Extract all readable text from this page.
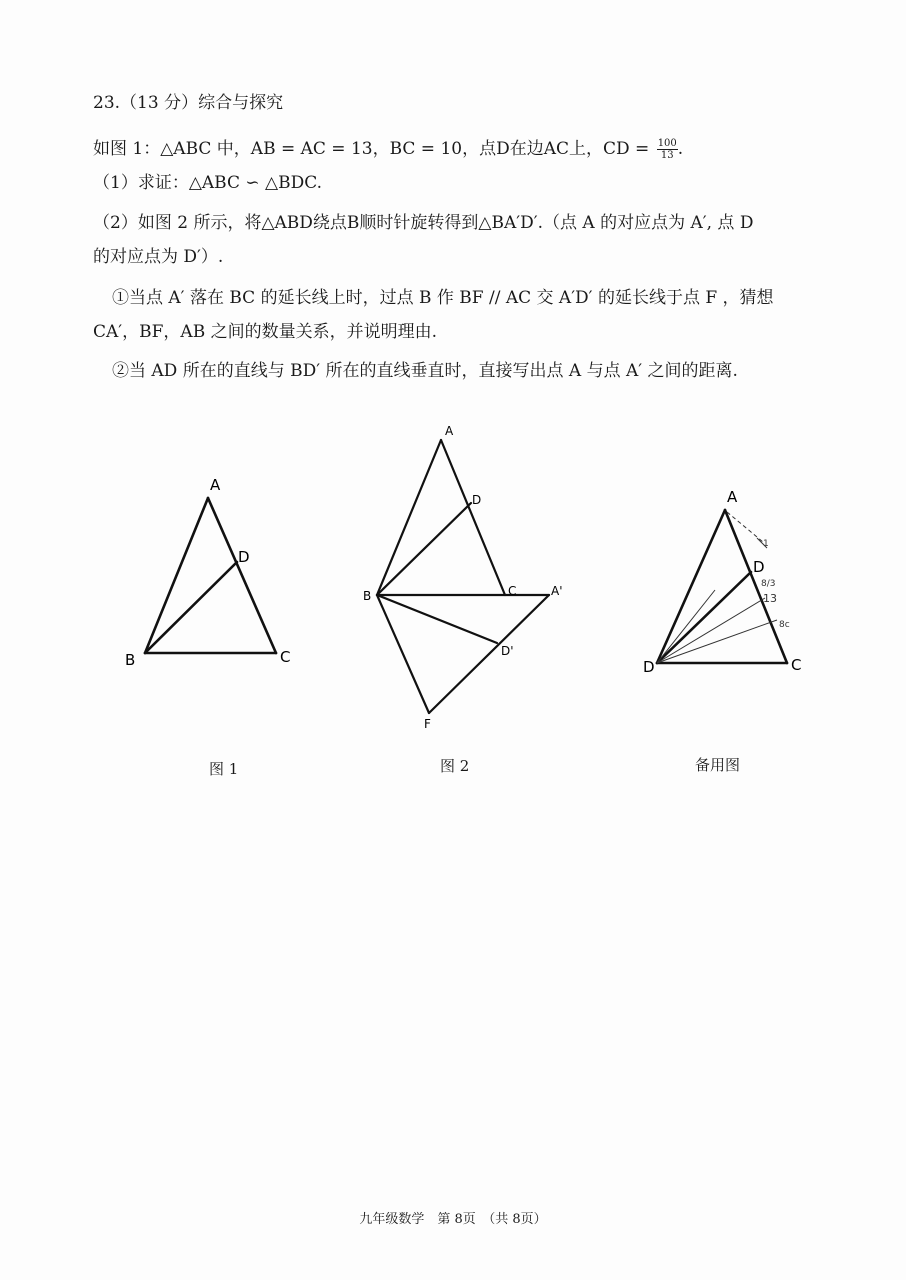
23.（13 分）综合与探究
如图 1：△ABC 中，AB = AC = 13，BC = 10，点D在边AC上，CD = $\frac{100}{13}$ .
（1）求证：△ABC ∽ △BDC.
（2）如图 2 所示，将△ABD绕点B顺时针旋转得到△BA′D′.（点 A 的对应点为 A′, 点 D
的对应点为 D′）.
①当点 A′ 落在 BC 的延长线上时，过点 B 作 BF // AC 交 A′D′ 的延长线于点 F ，猜想
CA′，BF，AB 之间的数量关系，并说明理由.
②当 AD 所在的直线与 BD′ 所在的直线垂直时，直接写出点 A 与点 A′ 之间的距离.
A
D
B	C
图 1
A
D
B	C	A'
D'
F
图 2
A
D
D	C
1
8/3
13
8c
备用图
九年级数学　第 8页　（共 8页）
